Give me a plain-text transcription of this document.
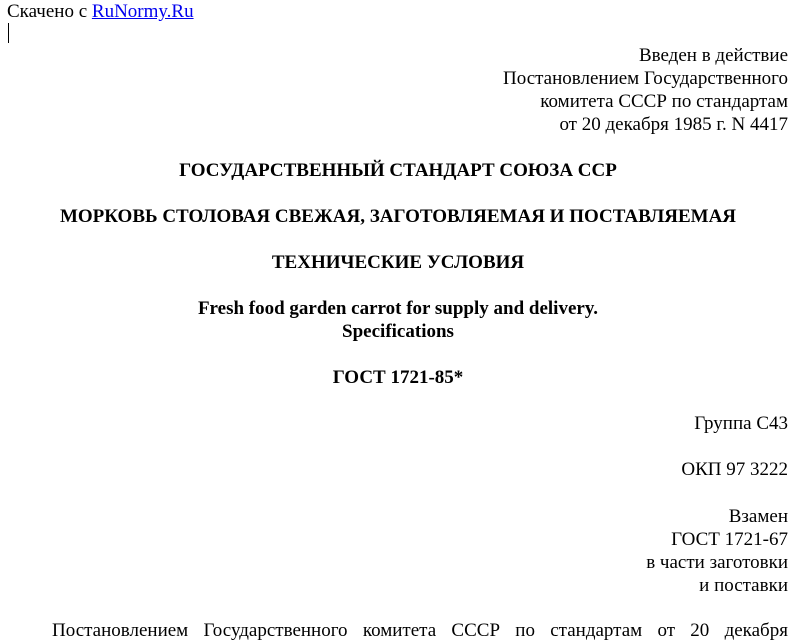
Скачено с RuNormy.Ru
Введен в действие
Постановлением Государственного
комитета СССР по стандартам
от 20 декабря 1985 г. N 4417
ГОСУДАРСТВЕННЫЙ СТАНДАРТ СОЮЗА ССР
МОРКОВЬ СТОЛОВАЯ СВЕЖАЯ, ЗАГОТОВЛЯЕМАЯ И ПОСТАВЛЯЕМАЯ
ТЕХНИЧЕСКИЕ УСЛОВИЯ
Fresh food garden carrot for supply and delivery.
Specifications
ГОСТ 1721-85*
Группа С43
ОКП 97 3222
Взамен
ГОСТ 1721-67
в части заготовки
и поставки
Постановлением Государственного комитета СССР по стандартам от 20 декабря
